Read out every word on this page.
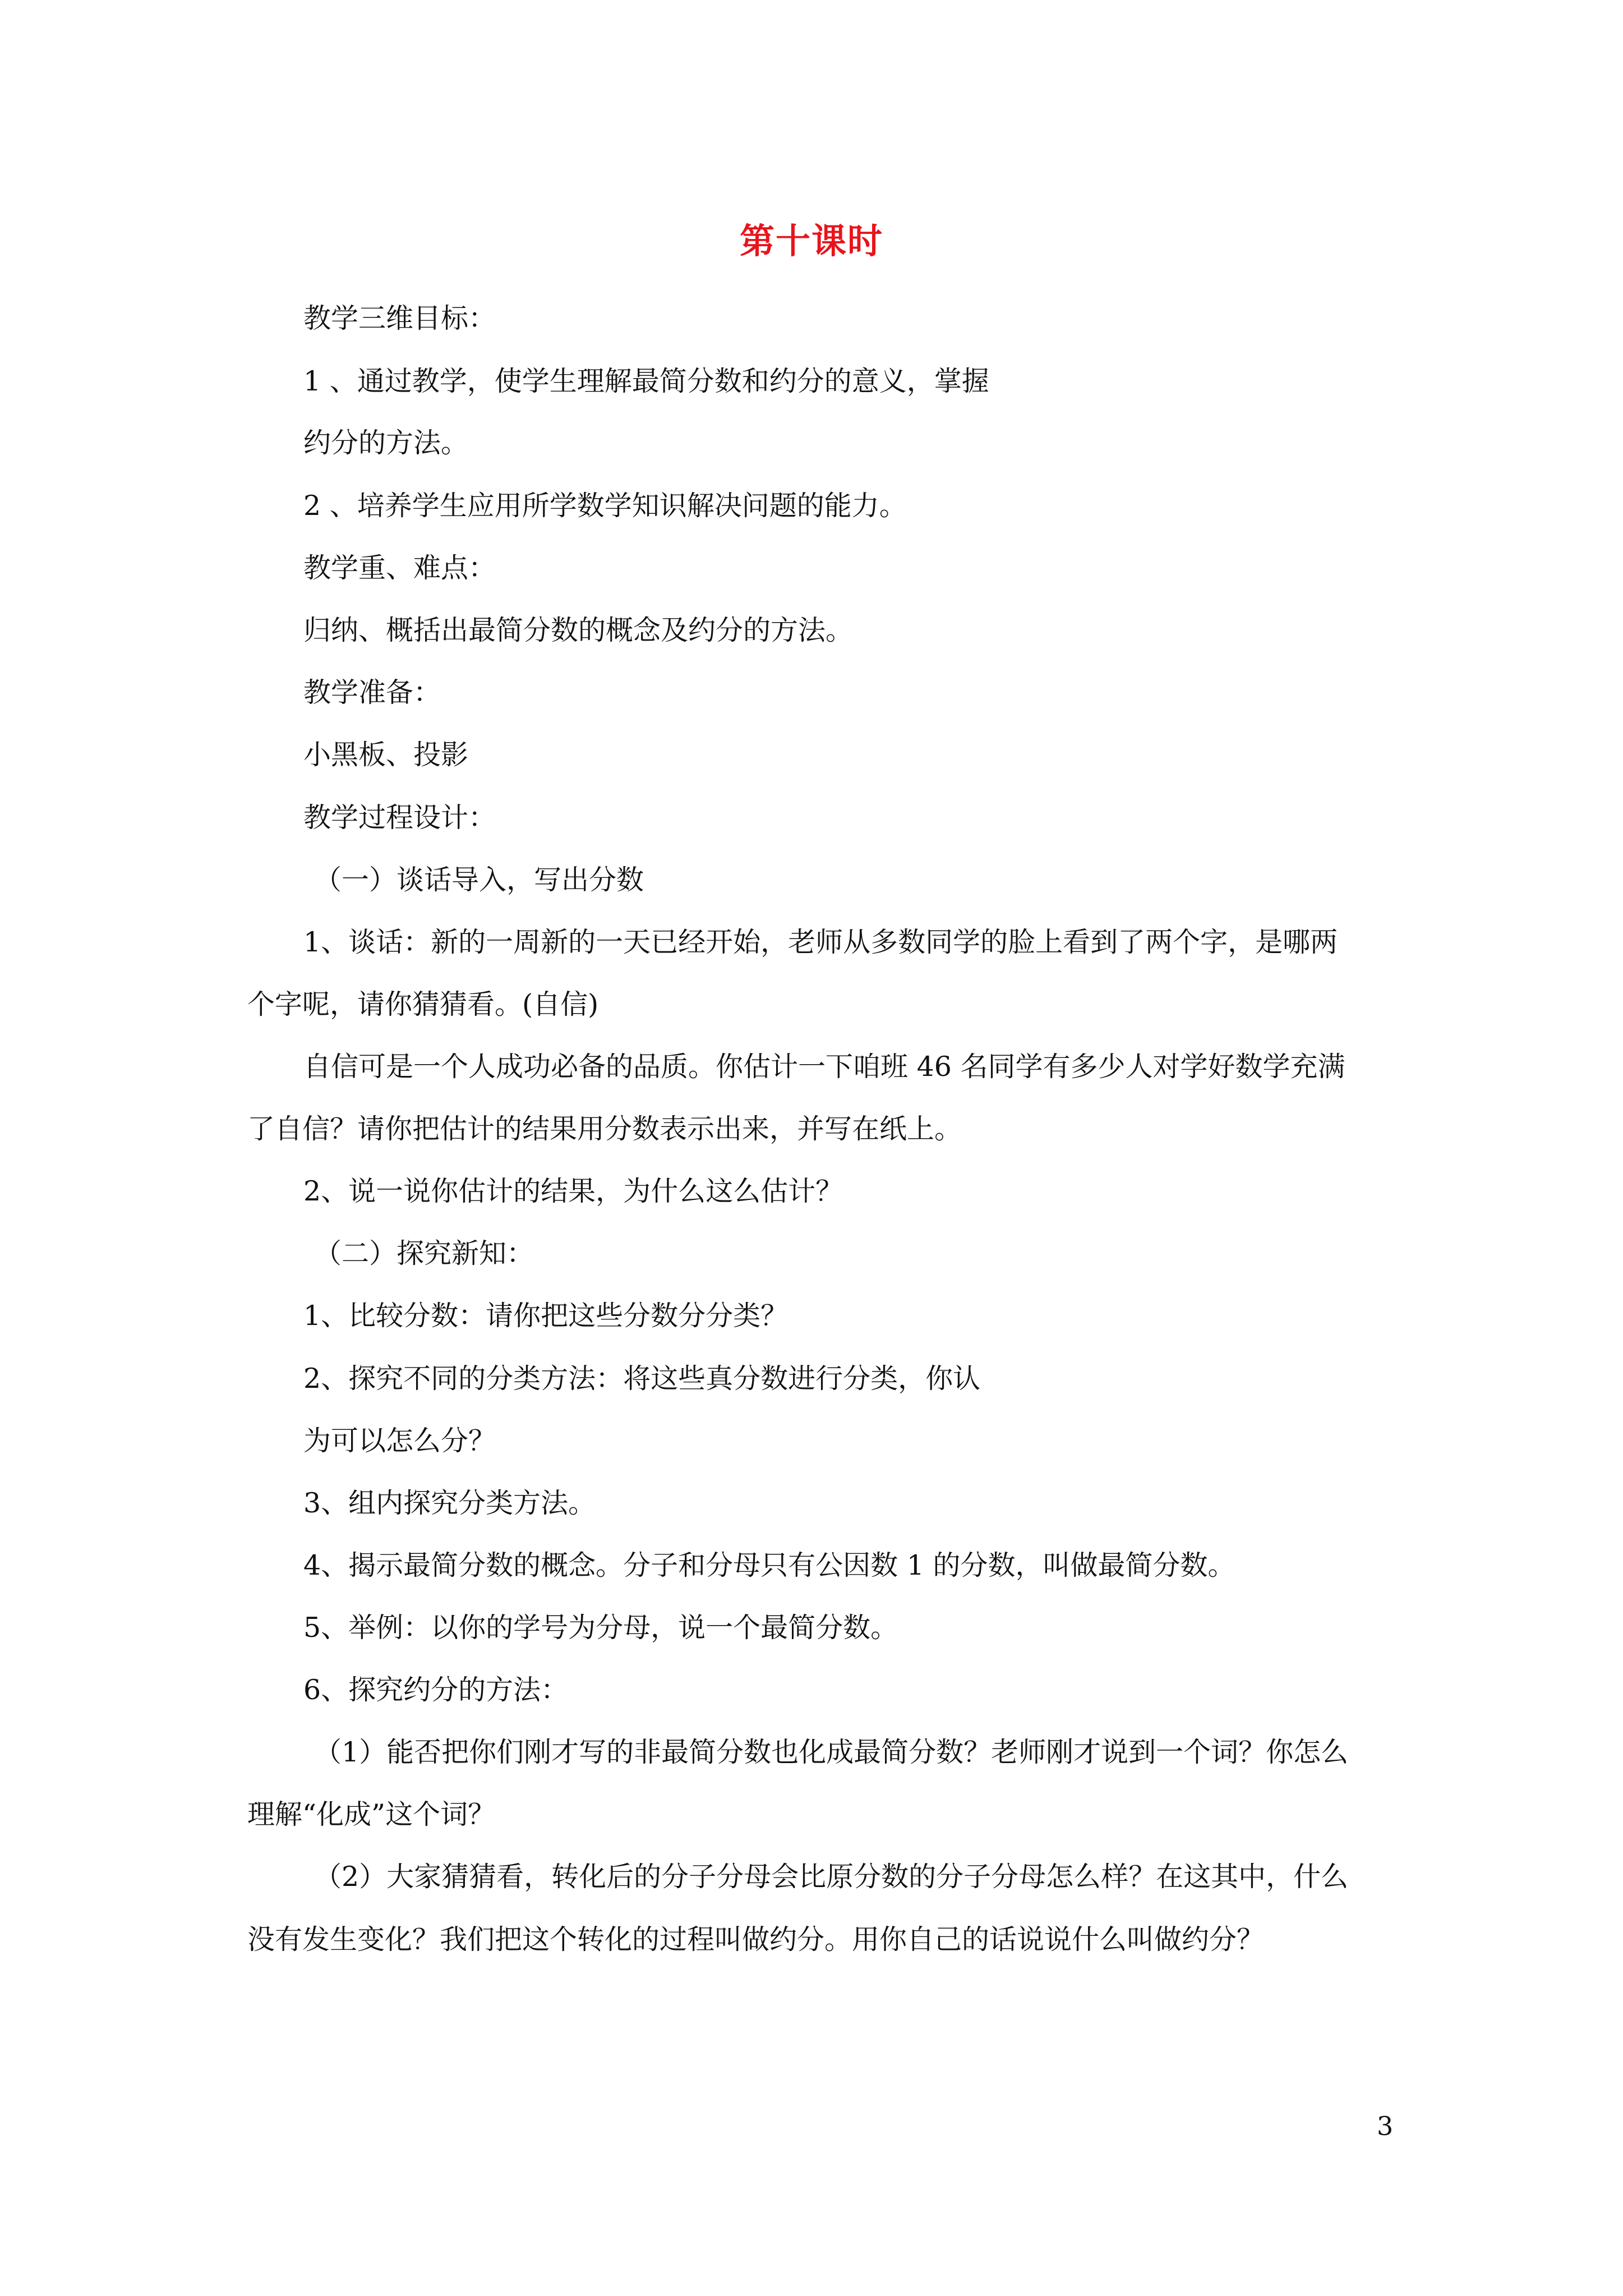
第十课时
教学三维目标：
1 、通过教学，使学生理解最简分数和约分的意义，掌握
约分的方法。
2 、培养学生应用所学数学知识解决问题的能力。
教学重、难点：
归纳、概括出最简分数的概念及约分的方法。
教学准备：
小黑板、投影
教学过程设计：
（一）谈话导入，写出分数
1、谈话：新的一周新的一天已经开始，老师从多数同学的脸上看到了两个字，是哪两
个字呢，请你猜猜看。(自信)
自信可是一个人成功必备的品质。你估计一下咱班 46 名同学有多少人对学好数学充满
了自信？请你把估计的结果用分数表示出来，并写在纸上。
2、说一说你估计的结果，为什么这么估计？
（二）探究新知：
1、比较分数：请你把这些分数分分类？
2、探究不同的分类方法：将这些真分数进行分类，你认
为可以怎么分？
3、组内探究分类方法。
4、揭示最简分数的概念。分子和分母只有公因数 1 的分数，叫做最简分数。
5、举例：以你的学号为分母，说一个最简分数。
6、探究约分的方法：
（1）能否把你们刚才写的非最简分数也化成最简分数？老师刚才说到一个词？你怎么
理解“化成”这个词？
（2）大家猜猜看，转化后的分子分母会比原分数的分子分母怎么样？在这其中，什么
没有发生变化？我们把这个转化的过程叫做约分。用你自己的话说说什么叫做约分？
3
